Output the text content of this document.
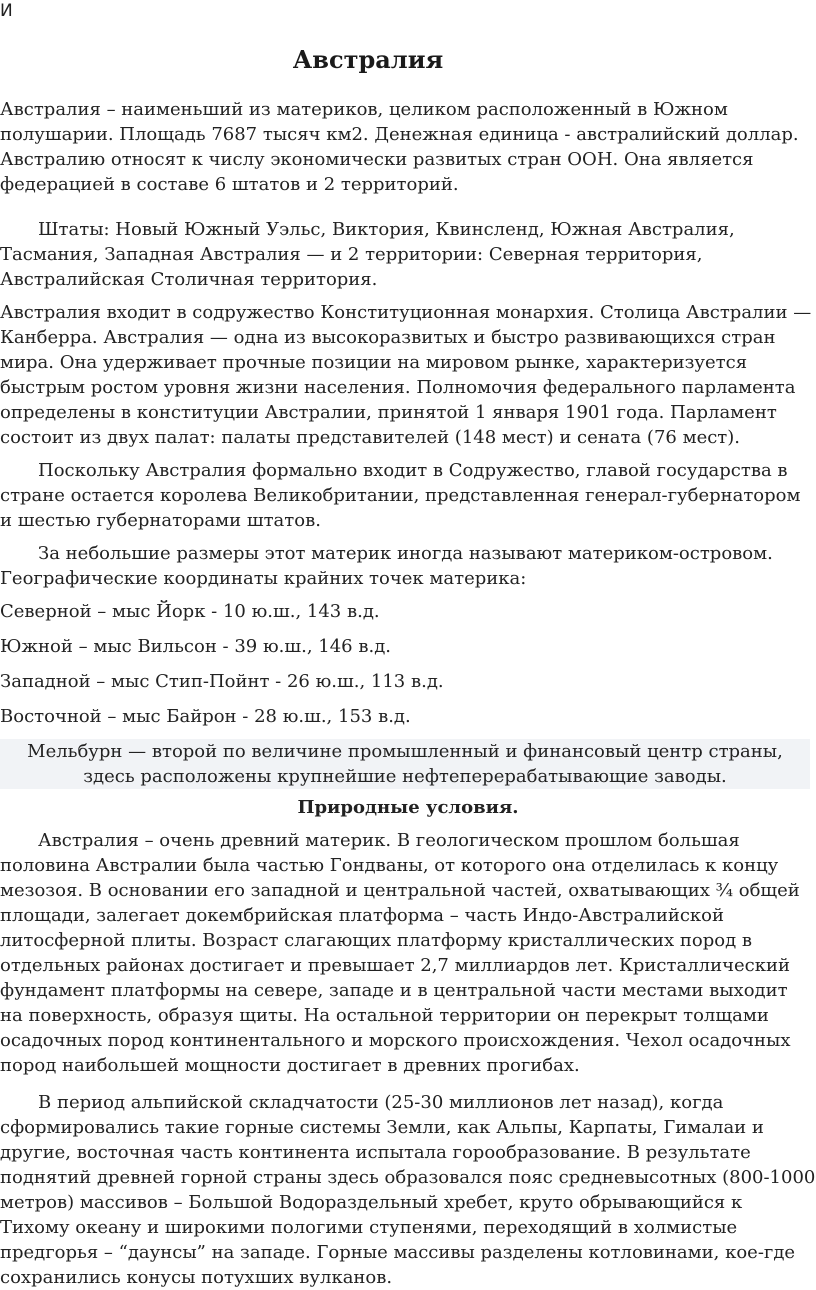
И
Австралия

Австралия – наименьший из материков, целиком расположенный в Южном полушарии. Площадь 7687 тысяч км2. Денежная единица - австралийский доллар. Австралию относят к числу экономически развитых стран ООН. Она является федерацией в составе 6 штатов и 2 территорий.

Штаты: Новый Южный Уэльс, Виктория, Квинсленд, Южная Австралия, Тасмания, Западная Австралия — и 2 территории: Северная территория, Австралийская Столичная территория.

Австралия входит в содружество Конституционная монархия. Столица Австралии — Канберра. Австралия — одна из высокоразвитых и быстро развивающихся стран мира. Она удерживает прочные позиции на мировом рынке, характеризуется быстрым ростом уровня жизни населения. Полномочия федерального парламента определены в конституции Австралии, принятой 1 января 1901 года. Парламент состоит из двух палат: палаты представителей (148 мест) и сената (76 мест).

Поскольку Австралия формально входит в Содружество, главой государства в стране остается королева Великобритании, представленная генерал-губернатором и шестью губернаторами штатов.

За небольшие размеры этот материк иногда называют материком-островом. Географические координаты крайних точек материка:

Северной – мыс Йорк - 10 ю.ш., 143 в.д.

Южной – мыс Вильсон - 39 ю.ш., 146 в.д.

Западной – мыс Стип-Пойнт - 26 ю.ш., 113 в.д.

Восточной – мыс Байрон - 28 ю.ш., 153 в.д.

Мельбурн — второй по величине промышленный и финансовый центр страны, здесь расположены крупнейшие нефтеперерабатывающие заводы.

Природные условия.

Австралия – очень древний материк. В геологическом прошлом большая половина Австралии была частью Гондваны, от которого она отделилась к концу мезозоя. В основании его западной и центральной частей, охватывающих ¾ общей площади, залегает докембрийская платформа – часть Индо-Австралийской литосферной плиты. Возраст слагающих платформу кристаллических пород в отдельных районах достигает и превышает 2,7 миллиардов лет. Кристаллический фундамент платформы на севере, западе и в центральной части местами выходит на поверхность, образуя щиты. На остальной территории он перекрыт толщами осадочных пород континентального и морского происхождения. Чехол осадочных пород наибольшей мощности достигает в древних прогибах.

В период альпийской складчатости (25-30 миллионов лет назад), когда сформировались такие горные системы Земли, как Альпы, Карпаты, Гималаи и другие, восточная часть континента испытала горообразование. В результате поднятий древней горной страны здесь образовался пояс средневысотных (800-1000 метров) массивов – Большой Водораздельный хребет, круто обрывающийся к Тихому океану и широкими пологими ступенями, переходящий в холмистые предгорья – “даунсы” на западе. Горные массивы разделены котловинами, кое-где сохранились конусы потухших вулканов.
